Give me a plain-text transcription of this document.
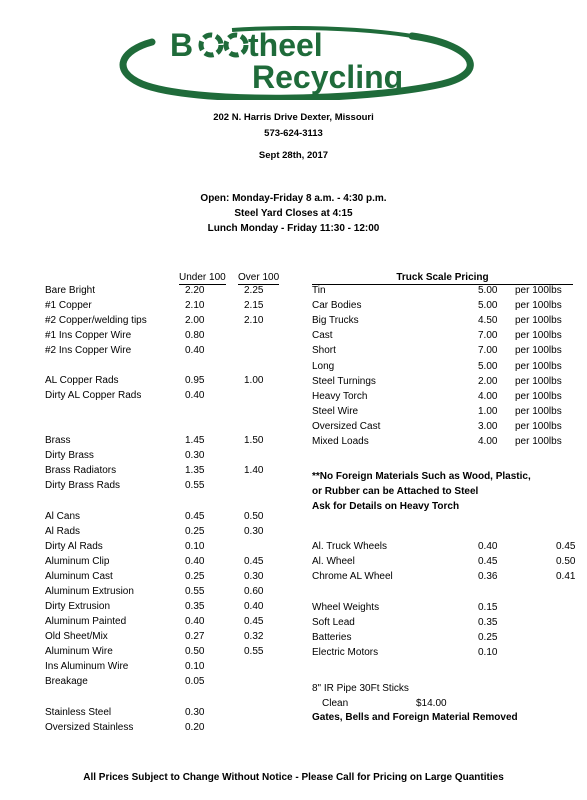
B theel
Recycling
202 N. Harris Drive Dexter, Missouri
573-624-3113
Sept 28th, 2017
Open: Monday-Friday 8 a.m. - 4:30 p.m.
Steel Yard Closes at 4:15
Lunch Monday - Friday 11:30 - 12:00
Under 100 Over 100
Bare Bright	2.20	2.25
#1 Copper	2.10	2.15
#2 Copper/welding tips	2.00	2.10
#1 Ins Copper Wire	0.80
#2 Ins Copper Wire	0.40
AL Copper Rads	0.95	1.00
Dirty AL Copper Rads	0.40
Brass	1.45	1.50
Dirty Brass	0.30
Brass Radiators	1.35	1.40
Dirty Brass Rads	0.55
Al Cans	0.45	0.50
Al Rads	0.25	0.30
Dirty Al Rads	0.10
Aluminum Clip	0.40	0.45
Aluminum Cast	0.25	0.30
Aluminum Extrusion	0.55	0.60
Dirty Extrusion	0.35	0.40
Aluminum Painted	0.40	0.45
Old Sheet/Mix	0.27	0.32
Aluminum Wire	0.50	0.55
Ins Aluminum Wire	0.10
Breakage	0.05
Stainless Steel	0.30
Oversized Stainless	0.20
Truck Scale Pricing
Tin	5.00 per 100lbs
Car Bodies	5.00 per 100lbs
Big Trucks	4.50 per 100lbs
Cast	7.00 per 100lbs
Short	7.00 per 100lbs
Long	5.00 per 100lbs
Steel Turnings	2.00 per 100lbs
Heavy Torch	4.00 per 100lbs
Steel Wire	1.00 per 100lbs
Oversized Cast	3.00 per 100lbs
Mixed Loads	4.00 per 100lbs
**No Foreign Materials Such as Wood, Plastic,
or Rubber can be Attached to Steel
Ask for Details on Heavy Torch
Al. Truck Wheels	0.40	0.45
Al. Wheel	0.45	0.50
Chrome AL Wheel	0.36	0.41
Wheel Weights	0.15
Soft Lead	0.35
Batteries	0.25
Electric Motors	0.10
8" IR Pipe 30Ft Sticks
Clean	$14.00
Gates, Bells and Foreign Material Removed
All Prices Subject to Change Without Notice - Please Call for Pricing on Large Quantities
